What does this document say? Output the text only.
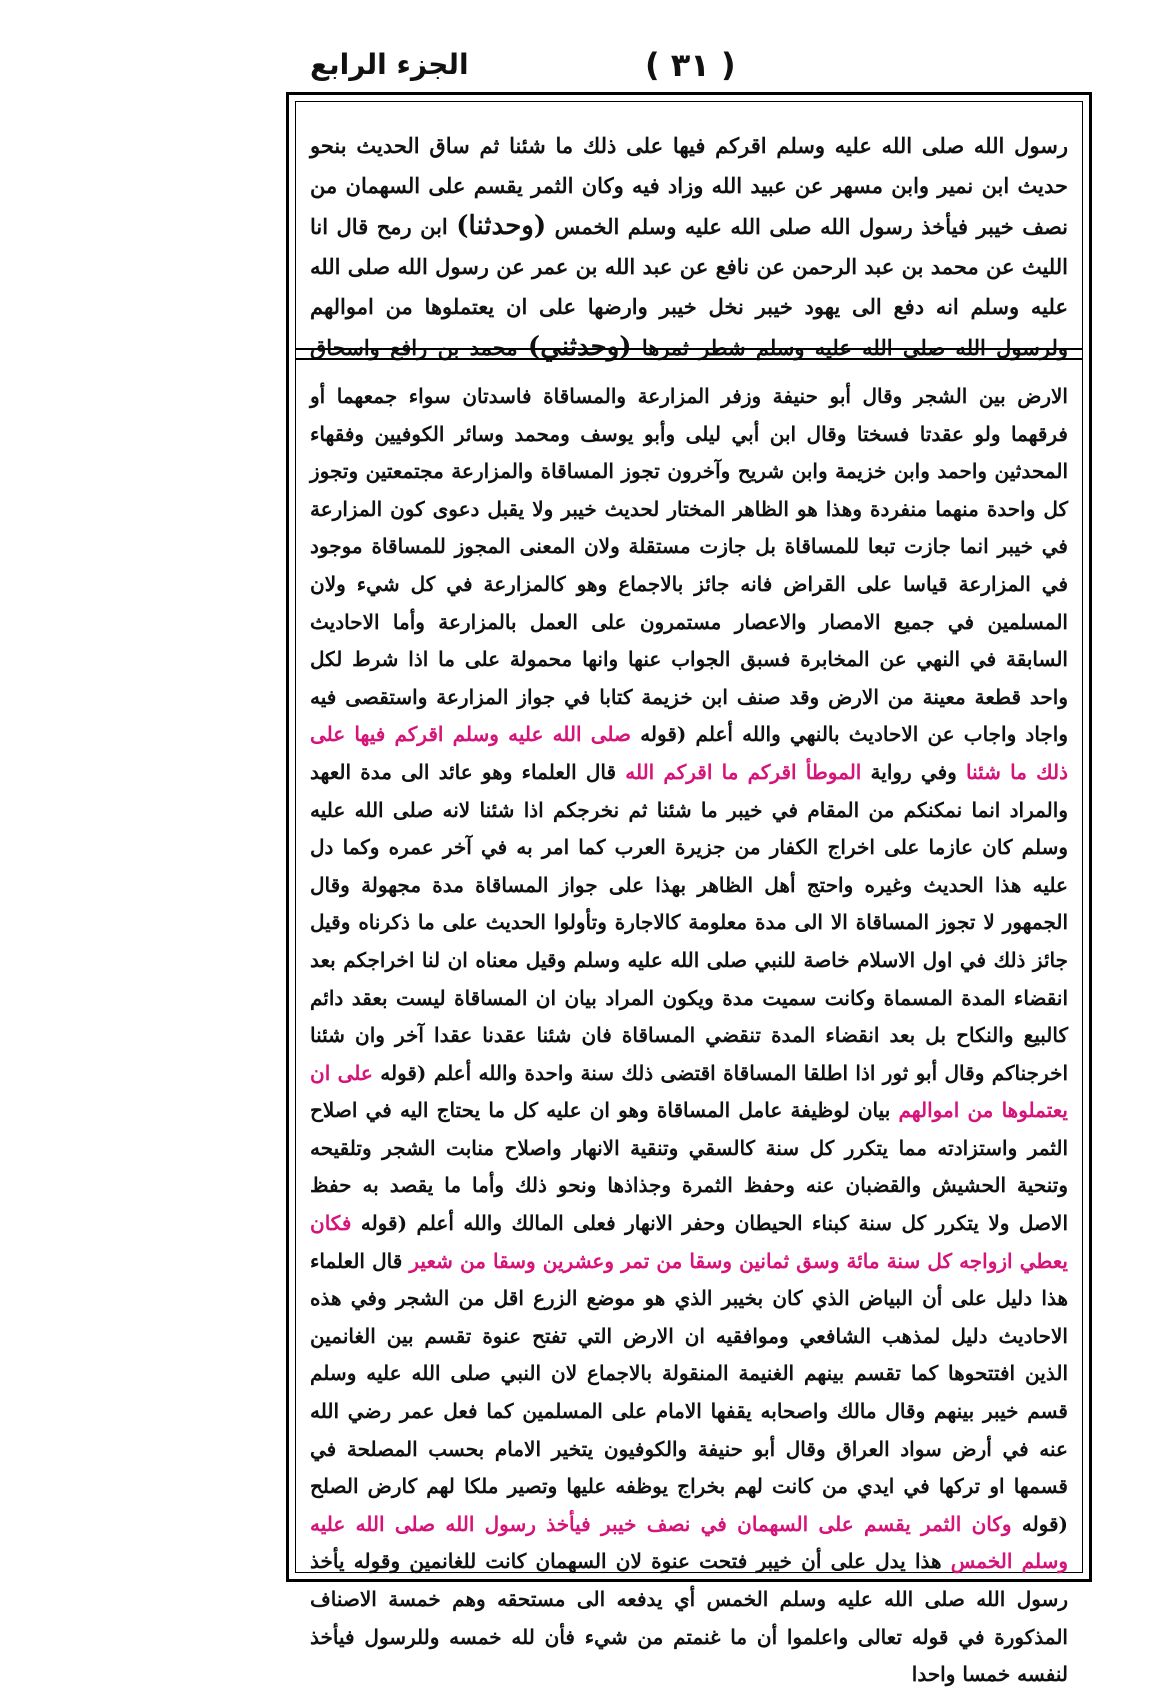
الجزء الرابع	( ٣١ )

رسول الله صلى الله عليه وسلم اقركم فيها على ذلك ما شئنا ثم ساق الحديث بنحو حديث ابن نمير وابن مسهر عن عبيد الله وزاد فيه وكان الثمر يقسم على السهمان من نصف خيبر فيأخذ رسول الله صلى الله عليه وسلم الخمس (وحدثنا) ابن رمح قال انا الليث عن محمد بن عبد الرحمن عن نافع عن عبد الله بن عمر عن رسول الله صلى الله عليه وسلم انه دفع الى يهود خيبر نخل خيبر وارضها على ان يعتملوها من اموالهم ولرسول الله صلى الله عليه وسلم شطر ثمرها (وحدثني) محمد بن رافع واسحاق

الارض بين الشجر وقال أبو حنيفة وزفر المزارعة والمساقاة فاسدتان سواء جمعهما أو فرقهما ولو عقدتا فسختا وقال ابن أبي ليلى وأبو يوسف ومحمد وسائر الكوفيين وفقهاء المحدثين واحمد وابن خزيمة وابن شريح وآخرون تجوز المساقاة والمزارعة مجتمعتين وتجوز كل واحدة منهما منفردة وهذا هو الظاهر المختار لحديث خيبر ولا يقبل دعوى كون المزارعة في خيبر انما جازت تبعا للمساقاة بل جازت مستقلة ولان المعنى المجوز للمساقاة موجود في المزارعة قياسا على القراض فانه جائز بالاجماع وهو كالمزارعة في كل شيء ولان المسلمين في جميع الامصار والاعصار مستمرون على العمل بالمزارعة وأما الاحاديث السابقة في النهي عن المخابرة فسبق الجواب عنها وانها محمولة على ما اذا شرط لكل واحد قطعة معينة من الارض وقد صنف ابن خزيمة كتابا في جواز المزارعة واستقصى فيه واجاد واجاب عن الاحاديث بالنهي والله أعلم (قوله صلى الله عليه وسلم اقركم فيها على ذلك ما شئنا وفي رواية الموطأ اقركم ما اقركم الله قال العلماء وهو عائد الى مدة العهد والمراد انما نمكنكم من المقام في خيبر ما شئنا ثم نخرجكم اذا شئنا لانه صلى الله عليه وسلم كان عازما على اخراج الكفار من جزيرة العرب كما امر به في آخر عمره وكما دل عليه هذا الحديث وغيره واحتج أهل الظاهر بهذا على جواز المساقاة مدة مجهولة وقال الجمهور لا تجوز المساقاة الا الى مدة معلومة كالاجارة وتأولوا الحديث على ما ذكرناه وقيل جائز ذلك في اول الاسلام خاصة للنبي صلى الله عليه وسلم وقيل معناه ان لنا اخراجكم بعد انقضاء المدة المسماة وكانت سميت مدة ويكون المراد بيان ان المساقاة ليست بعقد دائم كالبيع والنكاح بل بعد انقضاء المدة تنقضي المساقاة فان شئنا عقدنا عقدا آخر وان شئنا اخرجناكم وقال أبو ثور اذا اطلقا المساقاة اقتضى ذلك سنة واحدة والله أعلم (قوله على ان يعتملوها من اموالهم بيان لوظيفة عامل المساقاة وهو ان عليه كل ما يحتاج اليه في اصلاح الثمر واستزادته مما يتكرر كل سنة كالسقي وتنقية الانهار واصلاح منابت الشجر وتلقيحه وتنحية الحشيش والقضبان عنه وحفظ الثمرة وجذاذها ونحو ذلك وأما ما يقصد به حفظ الاصل ولا يتكرر كل سنة كبناء الحيطان وحفر الانهار فعلى المالك والله أعلم (قوله فكان يعطي ازواجه كل سنة مائة وسق ثمانين وسقا من تمر وعشرين وسقا من شعير قال العلماء هذا دليل على أن البياض الذي كان بخيبر الذي هو موضع الزرع اقل من الشجر وفي هذه الاحاديث دليل لمذهب الشافعي وموافقيه ان الارض التي تفتح عنوة تقسم بين الغانمين الذين افتتحوها كما تقسم بينهم الغنيمة المنقولة بالاجماع لان النبي صلى الله عليه وسلم قسم خيبر بينهم وقال مالك واصحابه يقفها الامام على المسلمين كما فعل عمر رضي الله عنه في أرض سواد العراق وقال أبو حنيفة والكوفيون يتخير الامام بحسب المصلحة في قسمها او تركها في ايدي من كانت لهم بخراج يوظفه عليها وتصير ملكا لهم كارض الصلح (قوله وكان الثمر يقسم على السهمان في نصف خيبر فيأخذ رسول الله صلى الله عليه وسلم الخمس هذا يدل على أن خيبر فتحت عنوة لان السهمان كانت للغانمين وقوله يأخذ رسول الله صلى الله عليه وسلم الخمس أي يدفعه الى مستحقه وهم خمسة الاصناف المذكورة في قوله تعالى واعلموا أن ما غنمتم من شيء فأن لله خمسه وللرسول فيأخذ لنفسه خمسا واحدا
